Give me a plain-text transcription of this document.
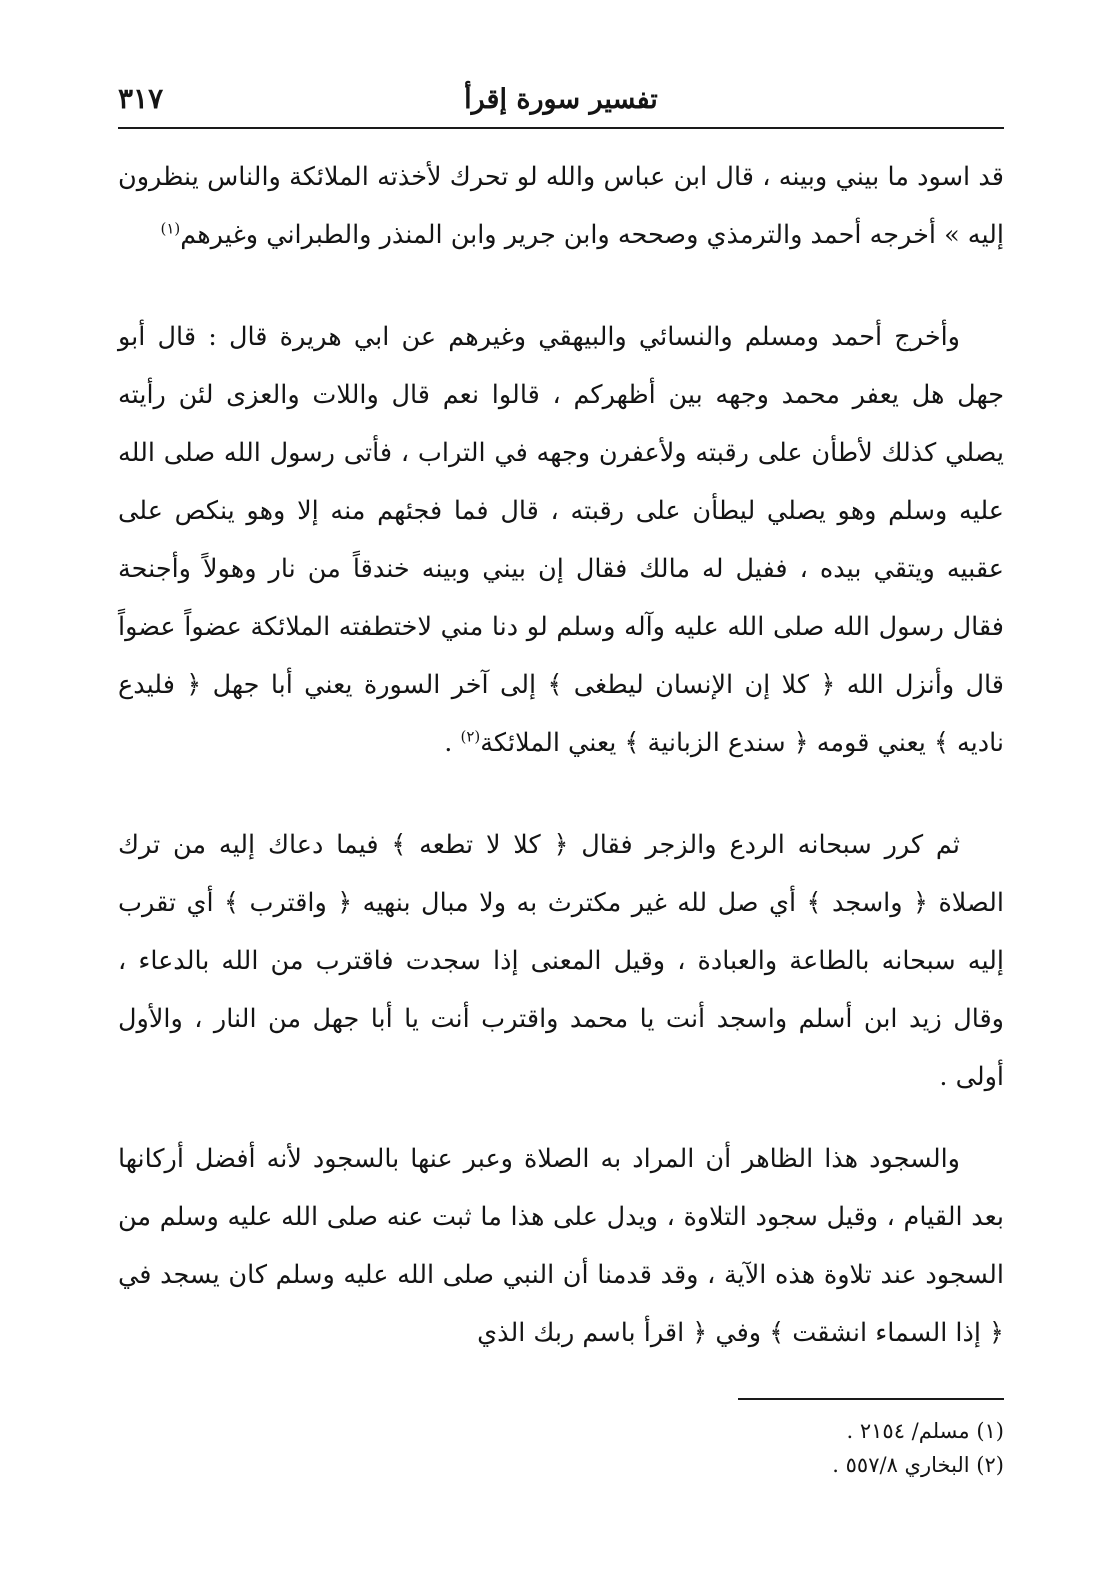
تفسير سورة إقرأ
٣١٧

قد اسود ما بيني وبينه ، قال ابن عباس والله لو تحرك لأخذته الملائكة والناس ينظرون إليه » أخرجه أحمد والترمذي وصححه وابن جرير وابن المنذر والطبراني وغيرهم$^{(١)}$

وأخرج أحمد ومسلم والنسائي والبيهقي وغيرهم عن ابي هريرة قال : قال أبو جهل هل يعفر محمد وجهه بين أظهركم ، قالوا نعم قال واللات والعزى لئن رأيته يصلي كذلك لأطأن على رقبته ولأعفرن وجهه في التراب ، فأتى رسول الله صلى الله عليه وسلم وهو يصلي ليطأن على رقبته ، قال فما فجئهم منه إلا وهو ينكص على عقبيه ويتقي بيده ، ففيل له مالك فقال إن بيني وبينه خندقاً من نار وهولاً وأجنحة فقال رسول الله صلى الله عليه وآله وسلم لو دنا مني لاختطفته الملائكة عضواً عضواً قال وأنزل الله ﴿ كلا إن الإنسان ليطغى ﴾ إلى آخر السورة يعني أبا جهل ﴿ فليدع ناديه ﴾ يعني قومه ﴿ سندع الزبانية ﴾ يعني الملائكة$^{(٢)}$ .

ثم كرر سبحانه الردع والزجر فقال ﴿ كلا لا تطعه ﴾ فيما دعاك إليه من ترك الصلاة ﴿ واسجد ﴾ أي صل لله غير مكترث به ولا مبال بنهيه ﴿ واقترب ﴾ أي تقرب إليه سبحانه بالطاعة والعبادة ، وقيل المعنى إذا سجدت فاقترب من الله بالدعاء ، وقال زيد ابن أسلم واسجد أنت يا محمد واقترب أنت يا أبا جهل من النار ، والأول أولى .

والسجود هذا الظاهر أن المراد به الصلاة وعبر عنها بالسجود لأنه أفضل أركانها بعد القيام ، وقيل سجود التلاوة ، ويدل على هذا ما ثبت عنه صلى الله عليه وسلم من السجود عند تلاوة هذه الآية ، وقد قدمنا أن النبي صلى الله عليه وسلم كان يسجد في ﴿ إذا السماء انشقت ﴾ وفي ﴿ اقرأ باسم ربك الذي

(١) مسلم/ ٢١٥٤ .

(٢) البخاري ٥٥٧/٨ .
